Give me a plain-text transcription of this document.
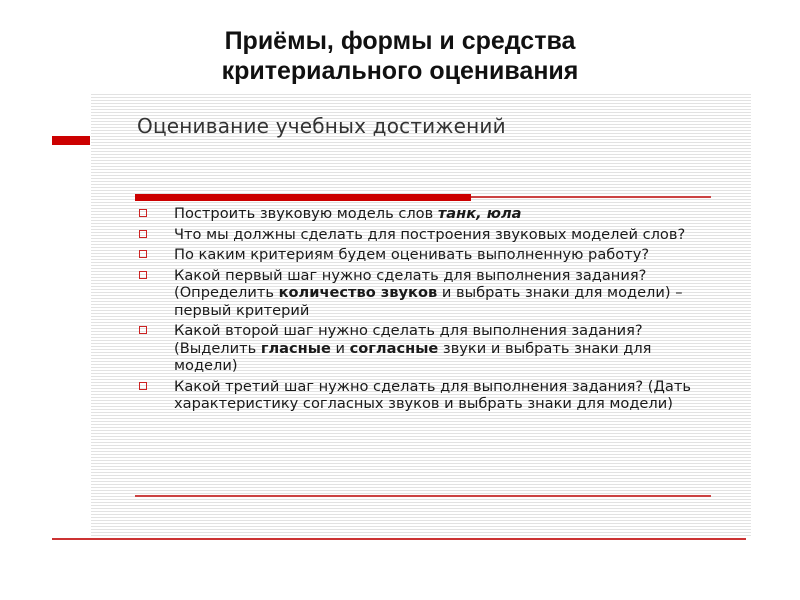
Приёмы, формы и средства
критериального оценивания
Оценивание учебных достижений
Построить звуковую модель слов танк, юла
Что мы должны сделать для построения звуковых моделей слов?
По каким критериям будем оценивать выполненную работу?
Какой первый шаг нужно сделать для выполнения задания? (Определить количество звуков и выбрать знаки для модели) – первый критерий
Какой второй шаг нужно сделать для выполнения задания? (Выделить гласные и согласные звуки и выбрать знаки для модели)
Какой третий шаг нужно сделать для выполнения задания? (Дать характеристику согласных звуков и выбрать знаки для модели)
